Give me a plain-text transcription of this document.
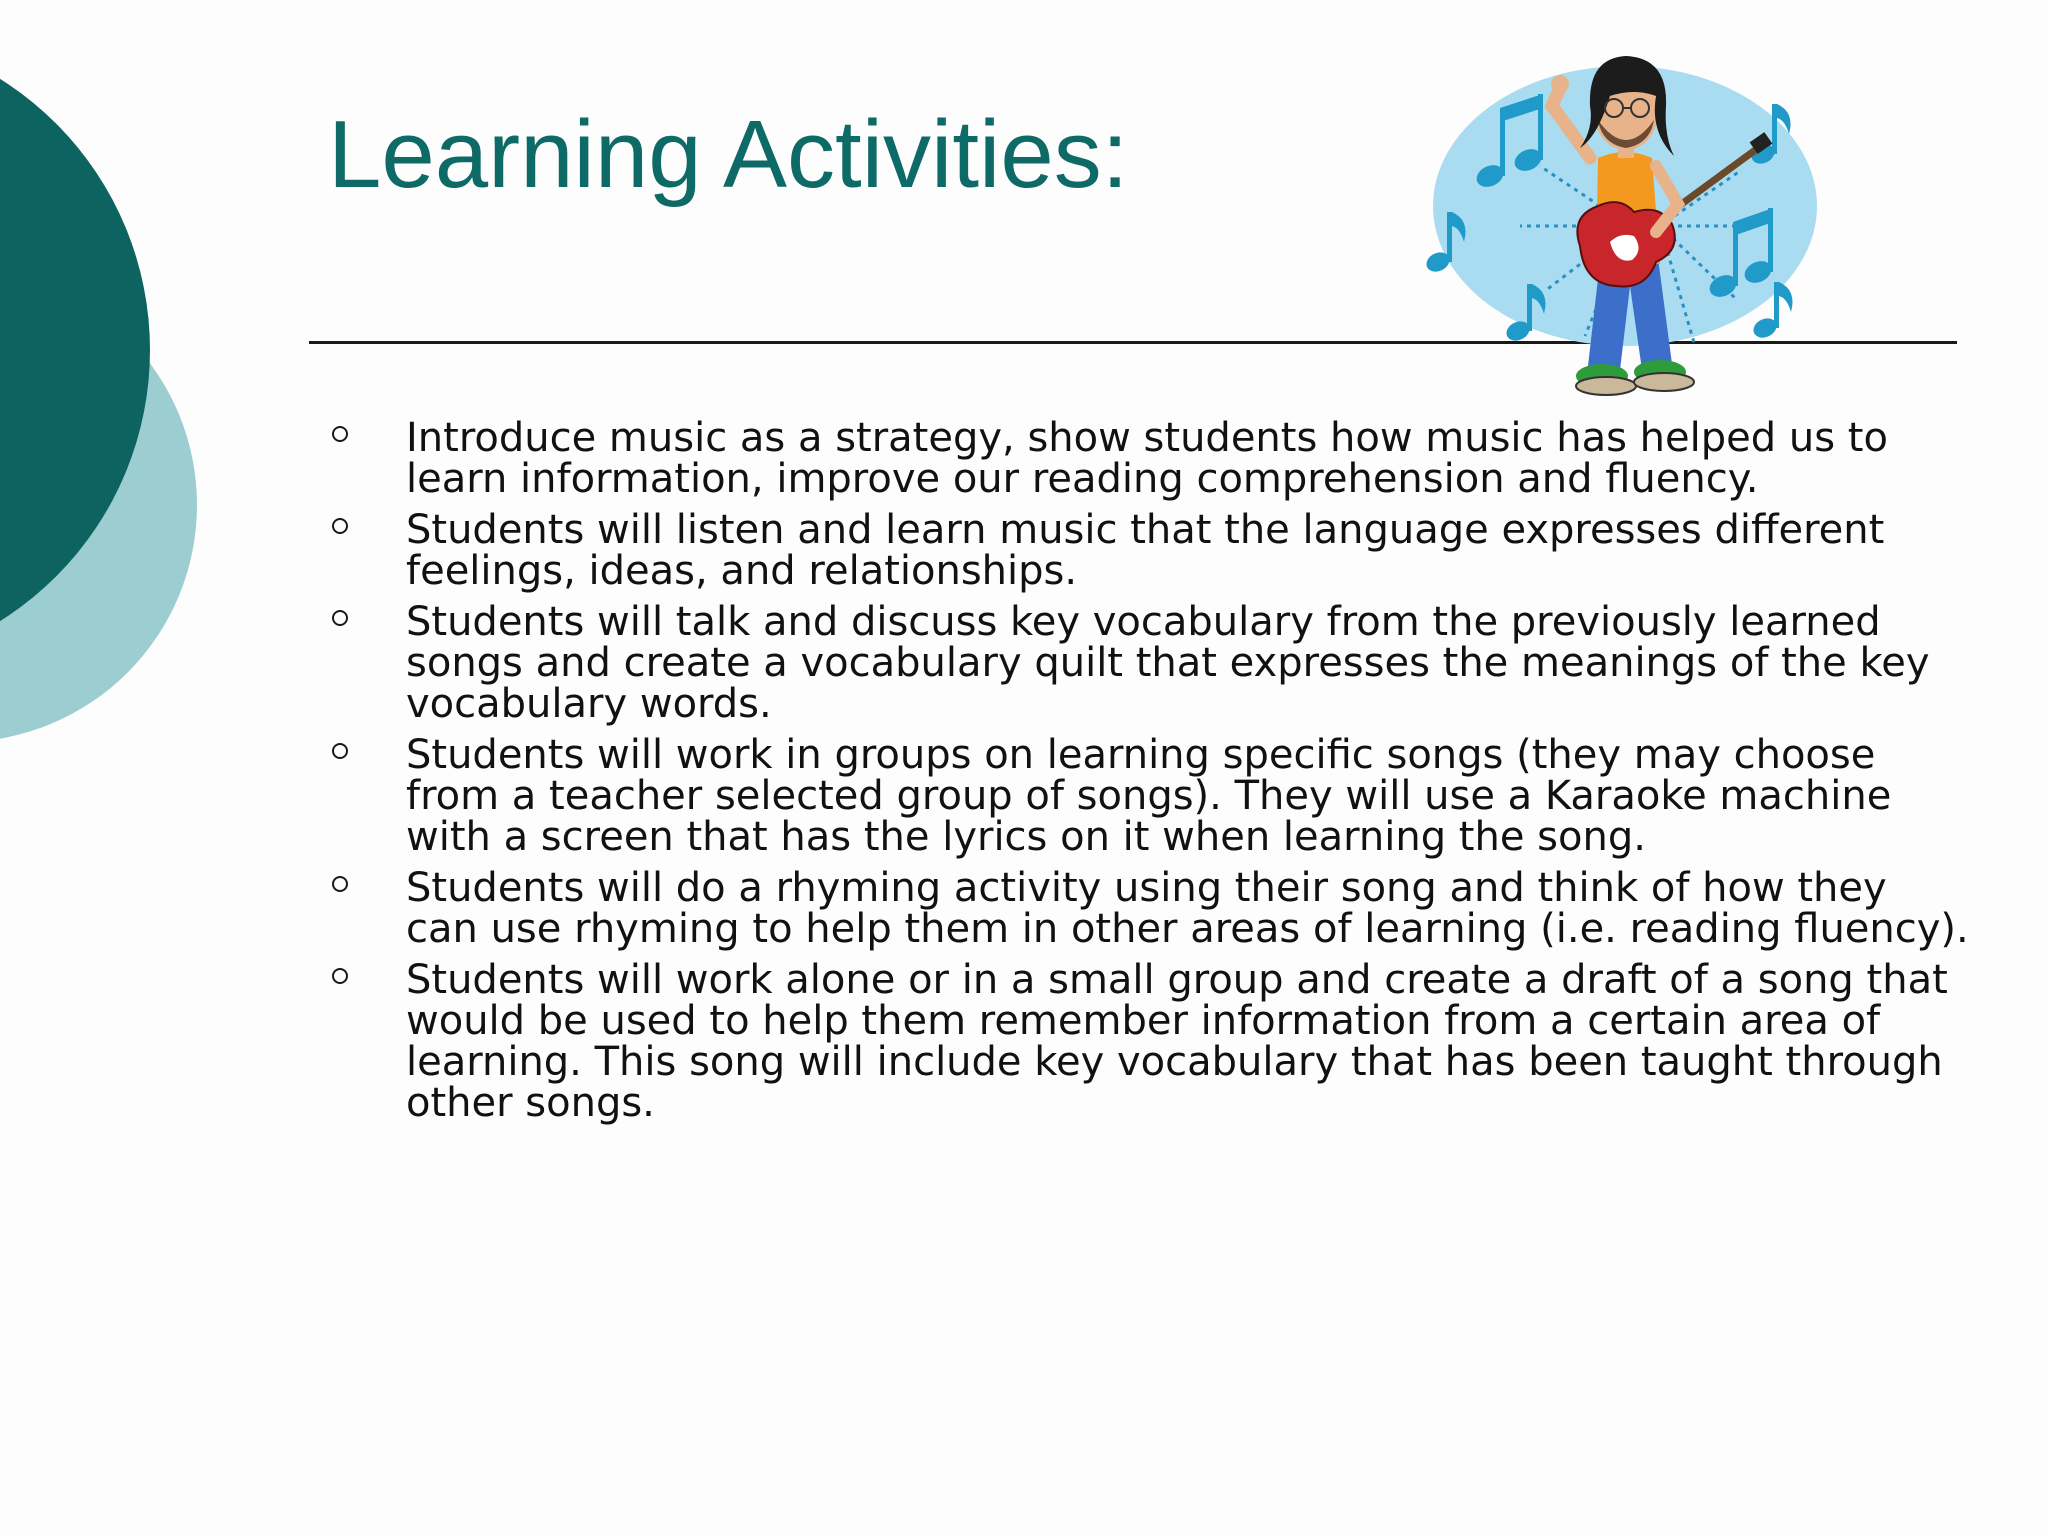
Learning Activities:
Introduce music as a strategy, show students how music has helped us to learn information, improve our reading comprehension and fluency.
Students will listen and learn music that the language expresses different feelings, ideas, and relationships.
Students will talk and discuss key vocabulary from the previously learned songs and create a vocabulary quilt that expresses the meanings of the key vocabulary words.
Students will work in groups on learning specific songs (they may choose from a teacher selected group of songs). They will use a Karaoke machine with a screen that has the lyrics on it when learning the song.
Students will do a rhyming activity using their song and think of how they can use rhyming to help them in other areas of learning (i.e. reading fluency).
Students will work alone or in a small group and create a draft of a song that would be used to help them remember information from a certain area of learning. This song will include key vocabulary that has been taught through other songs.
